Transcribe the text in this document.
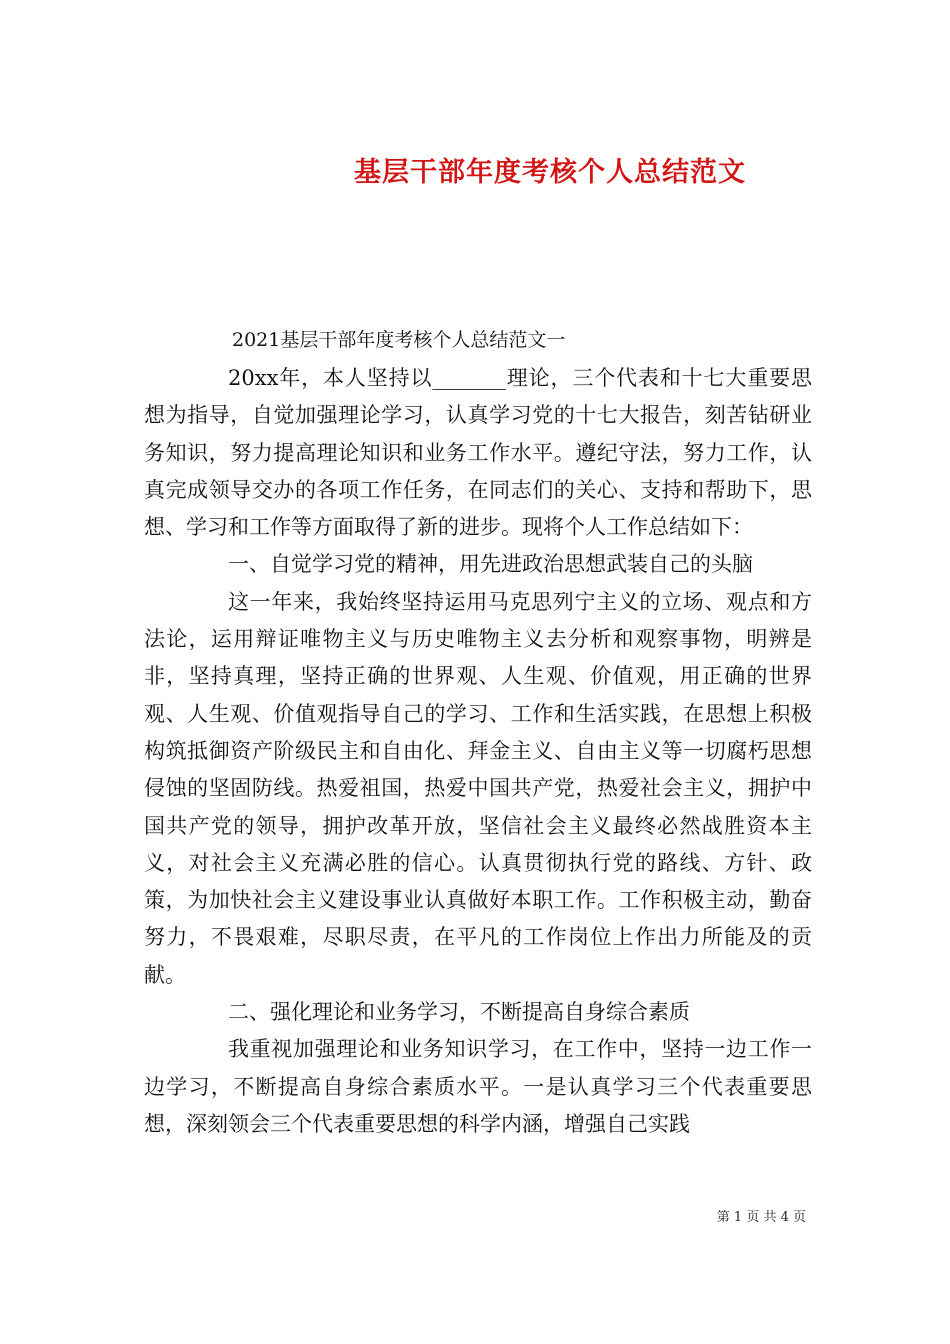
基层干部年度考核个人总结范文
2021基层干部年度考核个人总结范文一

20xx年，本人坚持以_______理论，三个代表和十七大重要思想为指导，自觉加强理论学习，认真学习党的十七大报告，刻苦钻研业务知识，努力提高理论知识和业务工作水平。遵纪守法，努力工作，认真完成领导交办的各项工作任务，在同志们的关心、支持和帮助下，思想、学习和工作等方面取得了新的进步。现将个人工作总结如下：

一、自觉学习党的精神，用先进政治思想武装自己的头脑

这一年来，我始终坚持运用马克思列宁主义的立场、观点和方法论，运用辩证唯物主义与历史唯物主义去分析和观察事物，明辨是非，坚持真理，坚持正确的世界观、人生观、价值观，用正确的世界观、人生观、价值观指导自己的学习、工作和生活实践，在思想上积极构筑抵御资产阶级民主和自由化、拜金主义、自由主义等一切腐朽思想侵蚀的坚固防线。热爱祖国，热爱中国共产党，热爱社会主义，拥护中国共产党的领导，拥护改革开放，坚信社会主义最终必然战胜资本主义，对社会主义充满必胜的信心。认真贯彻执行党的路线、方针、政策，为加快社会主义建设事业认真做好本职工作。工作积极主动，勤奋努力，不畏艰难，尽职尽责，在平凡的工作岗位上作出力所能及的贡献。

二、强化理论和业务学习，不断提高自身综合素质

我重视加强理论和业务知识学习，在工作中，坚持一边工作一边学习，不断提高自身综合素质水平。一是认真学习三个代表重要思想，深刻领会三个代表重要思想的科学内涵，增强自己实践

第 1 页 共 4 页
